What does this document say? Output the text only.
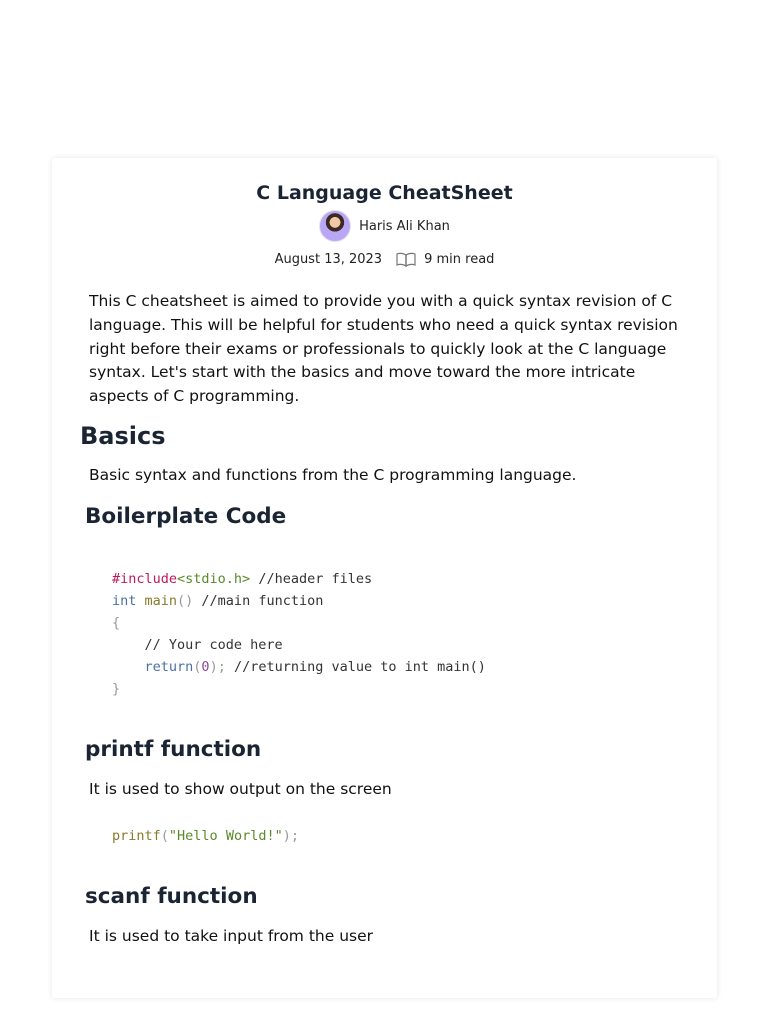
C Language CheatSheet
Haris Ali Khan
August 13, 2023	9 min read

This C cheatsheet is aimed to provide you with a quick syntax revision of C language. This will be helpful for students who need a quick syntax revision right before their exams or professionals to quickly look at the C language syntax. Let's start with the basics and move toward the more intricate aspects of C programming.

Basics

Basic syntax and functions from the C programming language.

Boilerplate Code
#include<stdio.h> //header files
int main() //main function
{
// Your code here
return(0); //returning value to int main()
}
printf function

It is used to show output on the screen

printf("Hello World!");
scanf function

It is used to take input from the user
